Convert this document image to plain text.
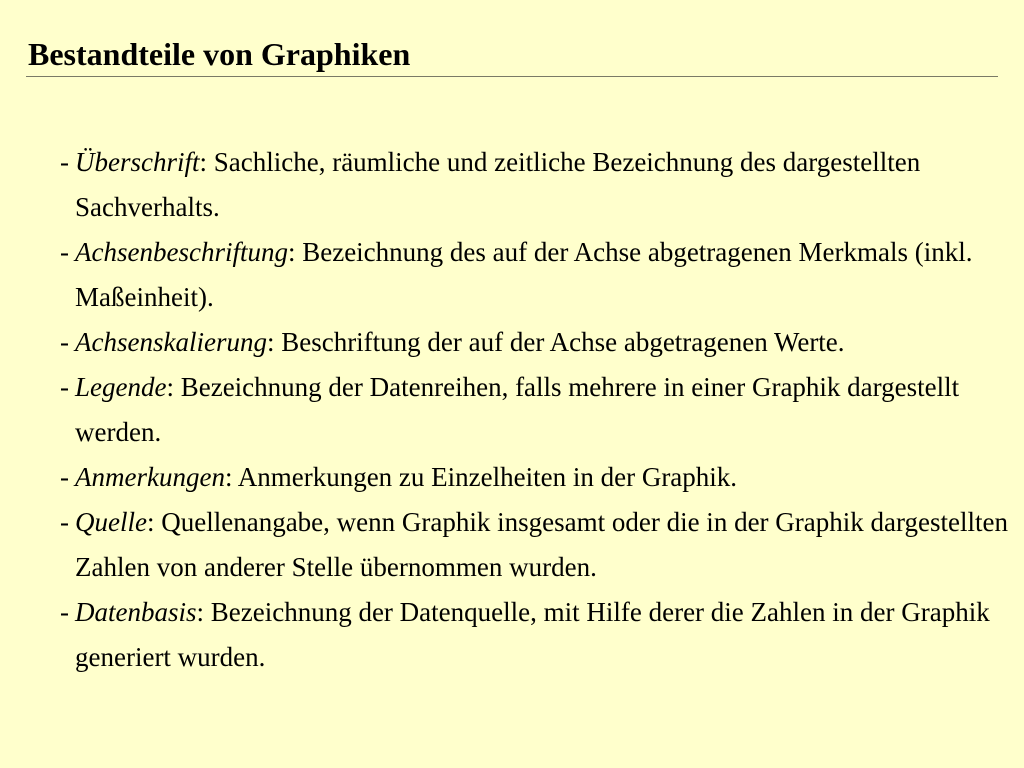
Bestandteile von Graphiken
- Überschrift: Sachliche, räumliche und zeitliche Bezeichnung des dargestellten Sachverhalts.
- Achsenbeschriftung: Bezeichnung des auf der Achse abgetragenen Merkmals (inkl. Maßeinheit).
- Achsenskalierung: Beschriftung der auf der Achse abgetragenen Werte.
- Legende: Bezeichnung der Datenreihen, falls mehrere in einer Graphik dargestellt werden.
- Anmerkungen: Anmerkungen zu Einzelheiten in der Graphik.
- Quelle: Quellenangabe, wenn Graphik insgesamt oder die in der Graphik dargestellten Zahlen von anderer Stelle übernommen wurden.
- Datenbasis: Bezeichnung der Datenquelle, mit Hilfe derer die Zahlen in der Graphik generiert wurden.
